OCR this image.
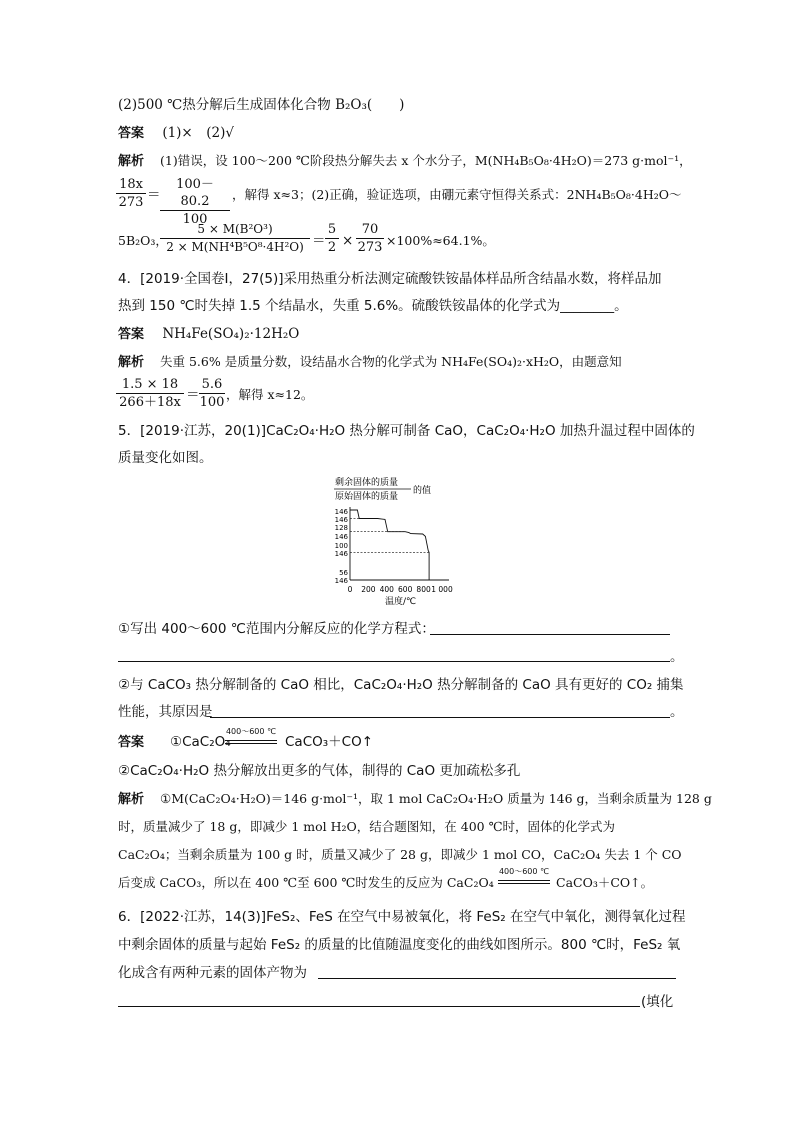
(2)500 ℃热分解后生成固体化合物 B₂O₃(　　)
答案 (1)×　(2)√
解析 (1)错误，设 100～200 ℃阶段热分解失去 x 个水分子，M(NH₄B₅O₈·4H₂O)＝273 g·mol⁻¹，
$\frac{18x}{273} = \frac{100-80.2}{100}$ ，解得 x≈3；(2)正确，验证选项，由硼元素守恒得关系式：2NH₄B₅O₈·4H₂O～
5B₂O₃，
$\frac{\text{5 × M(B²O³)}}{\text{2 × M(NH⁴B⁵O⁸·4H²O)}} = \frac{5}{2} \times \frac{70}{273} \times 100\%\approx 64.1\%$。
4．[2019·全国卷Ⅰ，27(5)]采用热重分析法测定硫酸铁铵晶体样品所含结晶水数，将样品加
热到 150 ℃时失掉 1.5 个结晶水，失重 5.6%。硫酸铁铵晶体的化学式为________。
答案 NH₄Fe(SO₄)₂·12H₂O
解析 失重 5.6% 是质量分数，设结晶水合物的化学式为 NH₄Fe(SO₄)₂·xH₂O，由题意知
$\frac{1.5 \times 18}{266+18x} = \frac{5.6}{100}$ ，解得 x≈12。
5．[2019·江苏，20(1)]CaC₂O₄·H₂O 热分解可制备 CaO，CaC₂O₄·H₂O 加热升温过程中固体的
质量变化如图。
剩余固体的质量
原始固体的质量
的值
146
146
128
146
100
146
56
146
0 200 400 600 800 1 000
温度/℃
①写出 400～600 ℃范围内分解反应的化学方程式：
。
②与 CaCO₃ 热分解制备的 CaO 相比，CaC₂O₄·H₂O 热分解制备的 CaO 具有更好的 CO₂ 捕集
性能，其原因是	。
答案 ①CaC₂O₄
400～600 ℃
CaCO₃＋CO↑
②CaC₂O₄·H₂O 热分解放出更多的气体，制得的 CaO 更加疏松多孔
解析 ①M(CaC₂O₄·H₂O)＝146 g·mol⁻¹，取 1 mol CaC₂O₄·H₂O 质量为 146 g，当剩余质量为 128 g
时，质量减少了 18 g，即减少 1 mol H₂O，结合题图知，在 400 ℃时，固体的化学式为
CaC₂O₄；当剩余质量为 100 g 时，质量又减少了 28 g，即减少 1 mol CO，CaC₂O₄ 失去 1 个 CO
后变成 CaCO₃，所以在 400 ℃至 600 ℃时发生的反应为 CaC₂O₄
400～600 ℃
CaCO₃＋CO↑。
6．[2022·江苏，14(3)]FeS₂、FeS 在空气中易被氧化，将 FeS₂ 在空气中氧化，测得氧化过程
中剩余固体的质量与起始 FeS₂ 的质量的比值随温度变化的曲线如图所示。800 ℃时，FeS₂ 氧
化成含有两种元素的固体产物为
(填化
